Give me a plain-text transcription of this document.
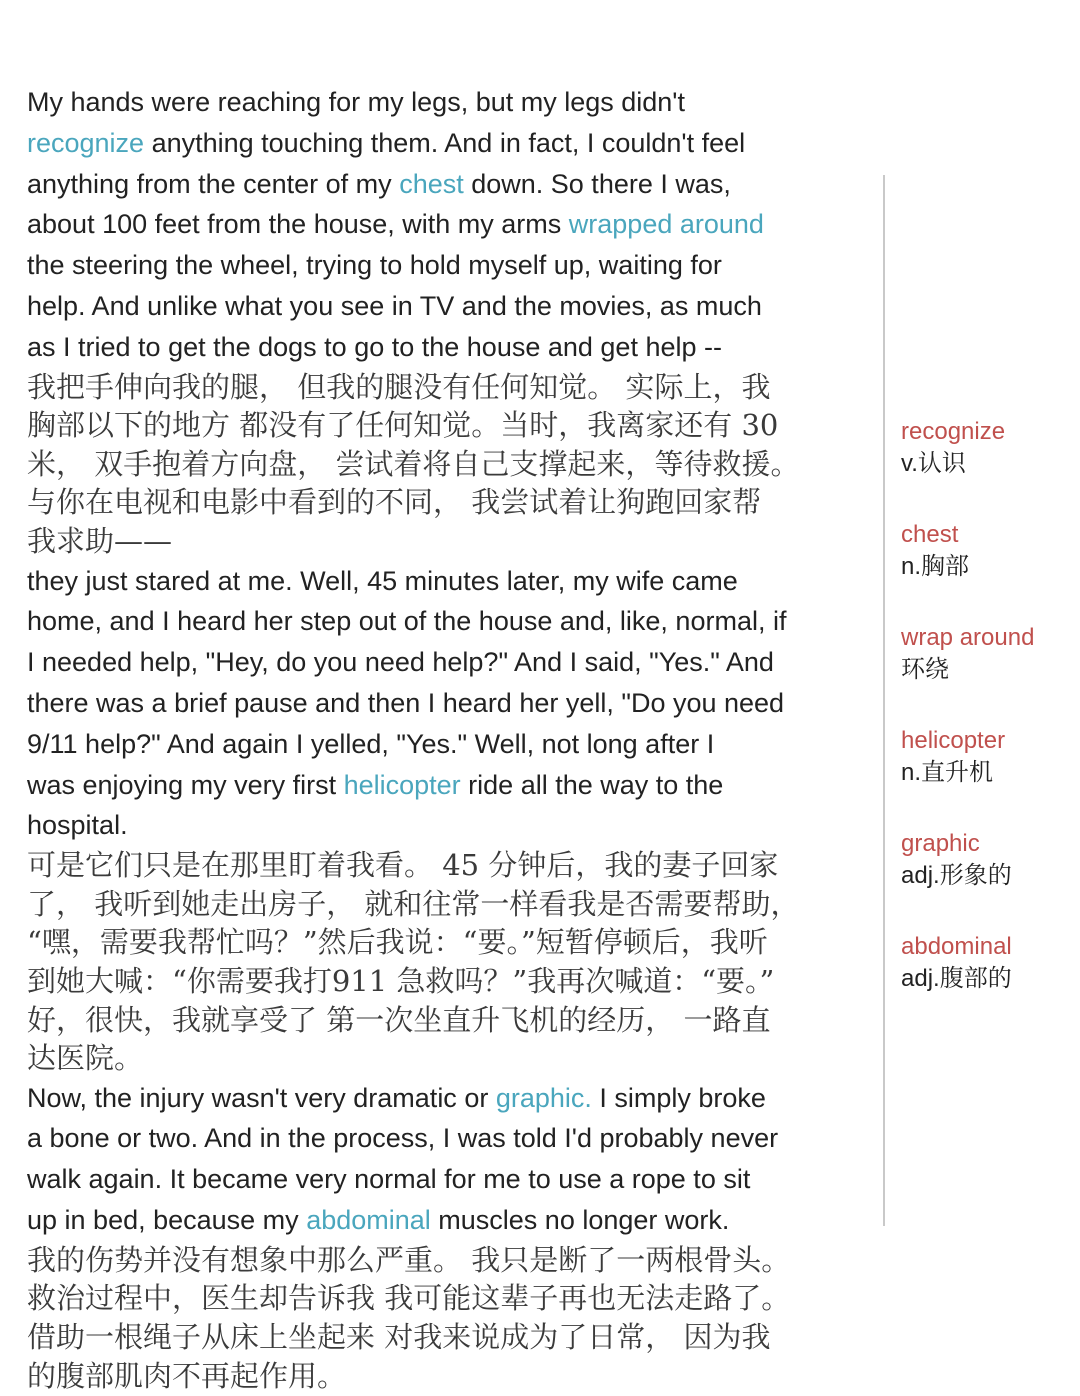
My hands were reaching for my legs, but my legs didn't
recognize anything touching them. And in fact, I couldn't feel
anything from the center of my chest down. So there I was,
about 100 feet from the house, with my arms wrapped around
the steering the wheel, trying to hold myself up, waiting for
help. And unlike what you see in TV and the movies, as much
as I tried to get the dogs to go to the house and get help --
我把手伸向我的腿， 但我的腿没有任何知觉。 实际上，我
胸部以下的地方 都没有了任何知觉。当时，我离家还有 30
米， 双手抱着方向盘， 尝试着将自己支撑起来，等待救援。
与你在电视和电影中看到的不同， 我尝试着让狗跑回家帮
我求助——
they just stared at me. Well, 45 minutes later, my wife came
home, and I heard her step out of the house and, like, normal, if
I needed help, "Hey, do you need help?" And I said, "Yes." And
there was a brief pause and then I heard her yell, "Do you need
9/11 help?" And again I yelled, "Yes." Well, not long after I
was enjoying my very first helicopter ride all the way to the
hospital.
可是它们只是在那里盯着我看。 45 分钟后，我的妻子回家
了， 我听到她走出房子， 就和往常一样看我是否需要帮助，
“嘿，需要我帮忙吗？”然后我说：“要。”短暂停顿后，我听
到她大喊：“你需要我打911 急救吗？”我再次喊道：“要。”
好，很快，我就享受了 第一次坐直升飞机的经历， 一路直
达医院。
Now, the injury wasn't very dramatic or graphic. I simply broke
a bone or two. And in the process, I was told I'd probably never
walk again. It became very normal for me to use a rope to sit
up in bed, because my abdominal muscles no longer work.
我的伤势并没有想象中那么严重。 我只是断了一两根骨头。
救治过程中，医生却告诉我 我可能这辈子再也无法走路了。
借助一根绳子从床上坐起来 对我来说成为了日常， 因为我
的腹部肌肉不再起作用。
recognize
v.认识
chest
n.胸部
wrap around
环绕
helicopter
n.直升机
graphic
adj.形象的
abdominal
adj.腹部的
